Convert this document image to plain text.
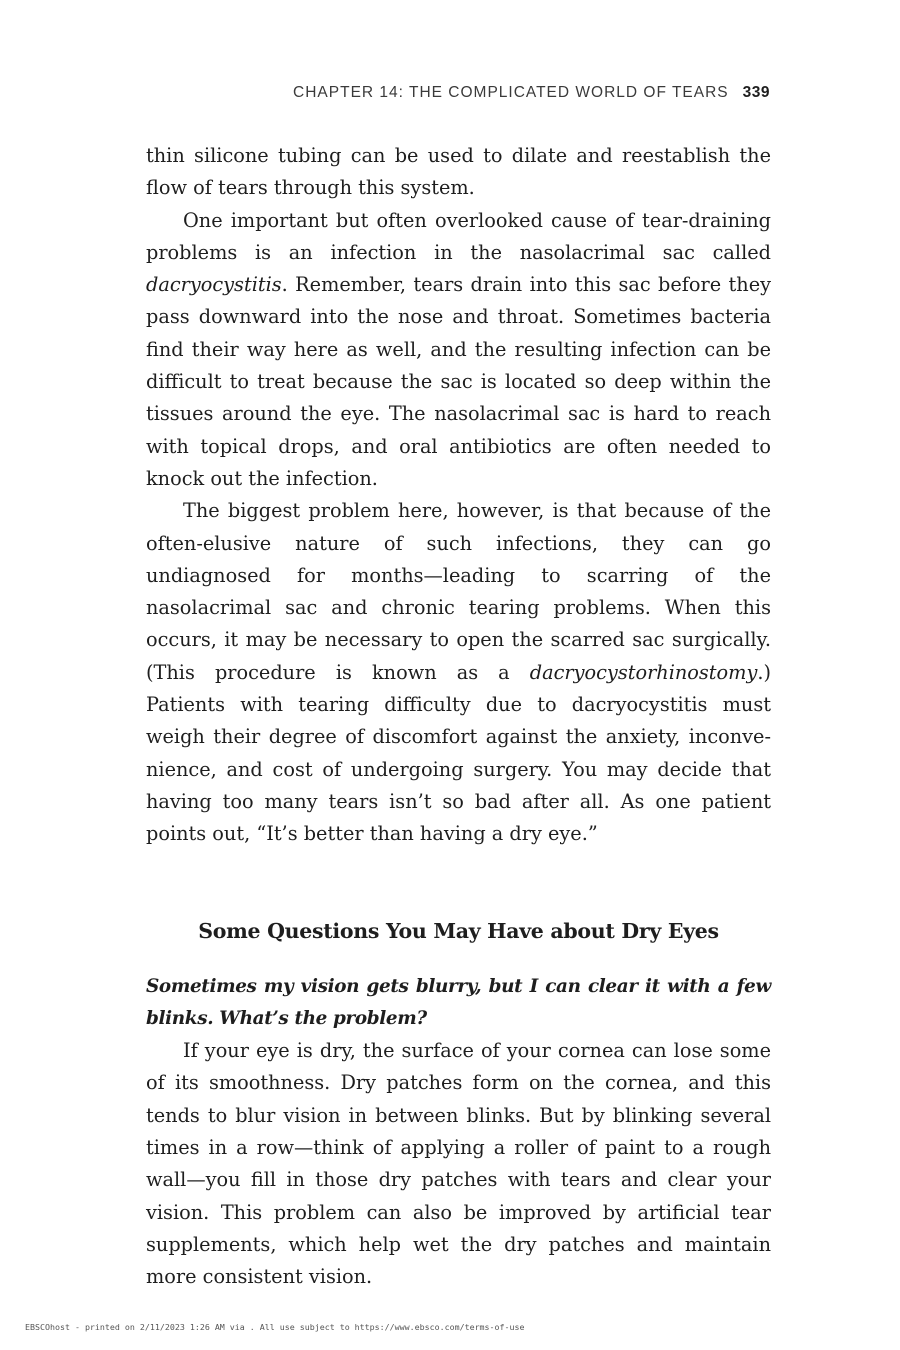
CHAPTER 14: THE COMPLICATED WORLD OF TEARS 339

thin silicone tubing can be used to dilate and reestablish the flow of tears through this system.

One important but often overlooked cause of tear-draining problems is an infection in the nasolacrimal sac called dacryocystitis. Remember, tears drain into this sac before they pass downward into the nose and throat. Sometimes bacteria find their way here as well, and the resulting infection can be difficult to treat because the sac is located so deep within the tissues around the eye. The nasolacrimal sac is hard to reach with topical drops, and oral antibiotics are often needed to knock out the infection.

The biggest problem here, however, is that because of the often-elusive nature of such infections, they can go undiagnosed for months—leading to scarring of the nasolacrimal sac and chronic tearing problems. When this occurs, it may be necessary to open the scarred sac surgically. (This procedure is known as a dacryocystorhinostomy.) Patients with tearing difficulty due to dacryocystitis must weigh their degree of discomfort against the anxiety, inconvenience, and cost of undergoing surgery. You may decide that having too many tears isn’t so bad after all. As one patient points out, “It’s better than having a dry eye.”

Some Questions You May Have about Dry Eyes

Sometimes my vision gets blurry, but I can clear it with a few blinks. What’s the problem?

If your eye is dry, the surface of your cornea can lose some of its smoothness. Dry patches form on the cornea, and this tends to blur vision in between blinks. But by blinking several times in a row—think of applying a roller of paint to a rough wall—you fill in those dry patches with tears and clear your vision. This problem can also be improved by artificial tear supplements, which help wet the dry patches and maintain more consistent vision.

EBSCOhost - printed on 2/11/2023 1:26 AM via . All use subject to https://www.ebsco.com/terms-of-use
